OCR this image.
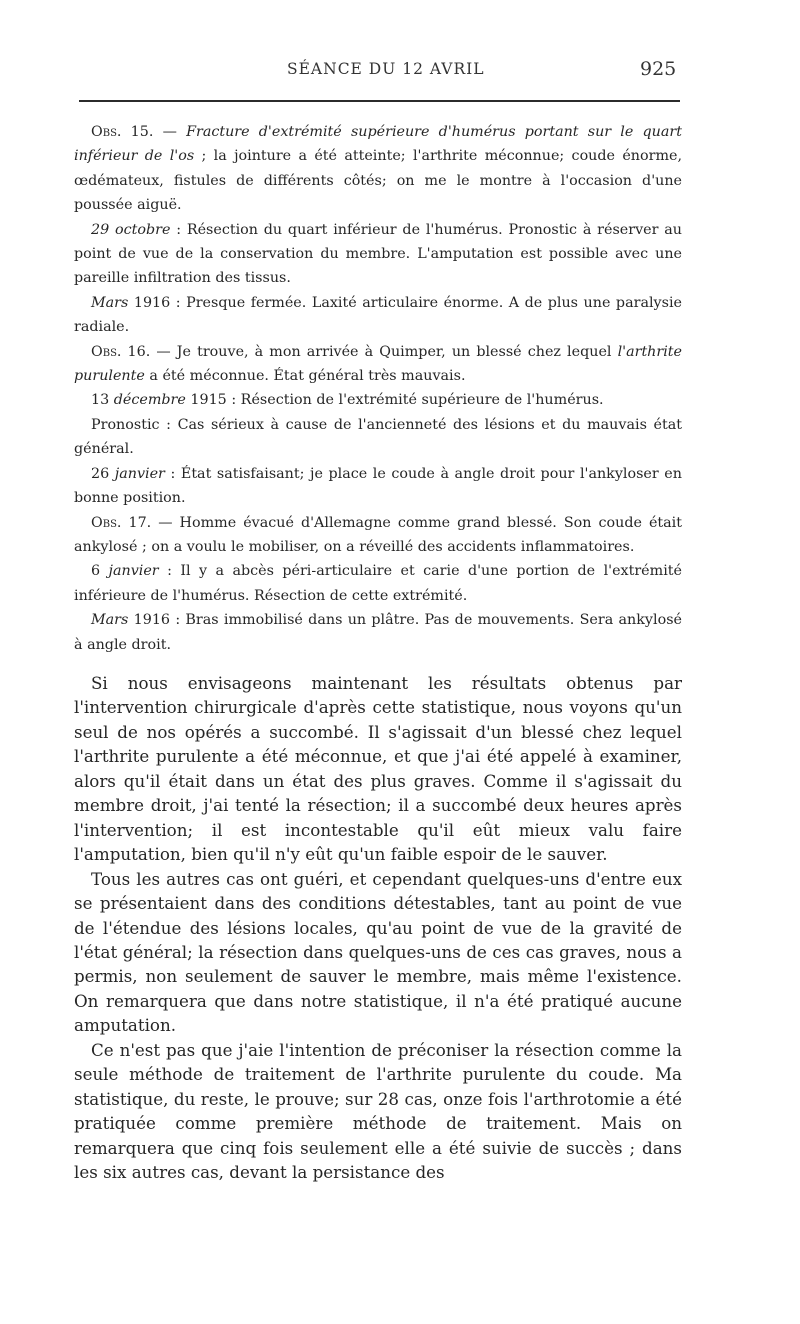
SÉANCE DU 12 AVRIL	925

Obs. 15. — Fracture d'extrémité supérieure d'humérus portant sur le quart inférieur de l'os ; la jointure a été atteinte; l'arthrite méconnue; coude énorme, œdémateux, fistules de différents côtés; on me le montre à l'occasion d'une poussée aiguë.

29 octobre : Résection du quart inférieur de l'humérus. Pronostic à réserver au point de vue de la conservation du membre. L'amputation est possible avec une pareille infiltration des tissus.

Mars 1916 : Presque fermée. Laxité articulaire énorme. A de plus une paralysie radiale.

Obs. 16. — Je trouve, à mon arrivée à Quimper, un blessé chez lequel l'arthrite purulente a été méconnue. État général très mauvais.

13 décembre 1915 : Résection de l'extrémité supérieure de l'humérus.

Pronostic : Cas sérieux à cause de l'ancienneté des lésions et du mauvais état général.

26 janvier : État satisfaisant; je place le coude à angle droit pour l'ankyloser en bonne position.

Obs. 17. — Homme évacué d'Allemagne comme grand blessé. Son coude était ankylosé ; on a voulu le mobiliser, on a réveillé des accidents inflammatoires.

6 janvier : Il y a abcès péri-articulaire et carie d'une portion de l'extrémité inférieure de l'humérus. Résection de cette extrémité.

Mars 1916 : Bras immobilisé dans un plâtre. Pas de mouvements. Sera ankylosé à angle droit.

Si nous envisageons maintenant les résultats obtenus par l'intervention chirurgicale d'après cette statistique, nous voyons qu'un seul de nos opérés a succombé. Il s'agissait d'un blessé chez lequel l'arthrite purulente a été méconnue, et que j'ai été appelé à examiner, alors qu'il était dans un état des plus graves. Comme il s'agissait du membre droit, j'ai tenté la résection; il a succombé deux heures après l'intervention; il est incontestable qu'il eût mieux valu faire l'amputation, bien qu'il n'y eût qu'un faible espoir de le sauver.

Tous les autres cas ont guéri, et cependant quelques-uns d'entre eux se présentaient dans des conditions détestables, tant au point de vue de l'étendue des lésions locales, qu'au point de vue de la gravité de l'état général; la résection dans quelques-uns de ces cas graves, nous a permis, non seulement de sauver le membre, mais même l'existence. On remarquera que dans notre statistique, il n'a été pratiqué aucune amputation.

Ce n'est pas que j'aie l'intention de préconiser la résection comme la seule méthode de traitement de l'arthrite purulente du coude. Ma statistique, du reste, le prouve; sur 28 cas, onze fois l'arthrotomie a été pratiquée comme première méthode de traitement. Mais on remarquera que cinq fois seulement elle a été suivie de succès ; dans les six autres cas, devant la persistance des
